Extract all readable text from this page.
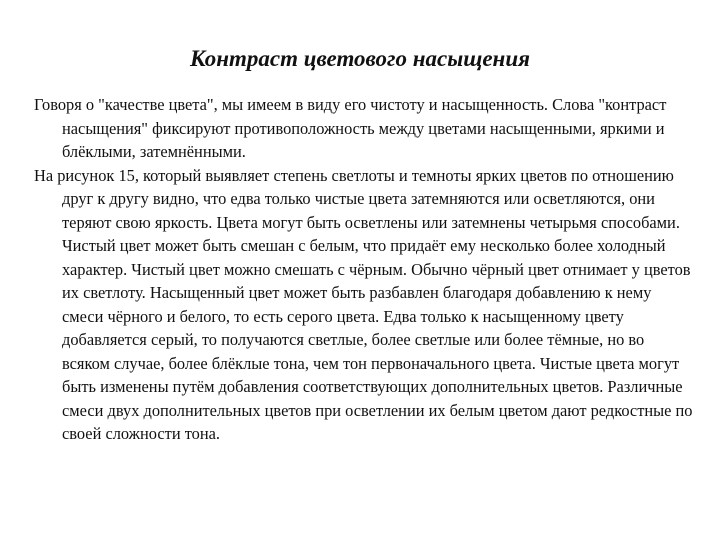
Контраст цветового насыщения

Говоря о "качестве цвета", мы имеем в виду его чистоту и насыщенность. Слова "контраст насыщения" фиксируют противоположность между цветами насыщенными, яркими и блёклыми, затемнёнными.

На рисунок 15, который выявляет степень светлоты и темноты ярких цветов по отношению друг к другу видно, что едва только чистые цвета затемняются или осветляются, они теряют свою яркость. Цвета могут быть осветлены или затемнены четырьмя способами. Чистый цвет может быть смешан с белым, что придаёт ему несколько более холодный характер. Чистый цвет можно смешать с чёрным. Обычно чёрный цвет отнимает у цветов их светлоту. Насыщенный цвет может быть разбавлен благодаря добавлению к нему смеси чёрного и белого, то есть серого цвета. Едва только к насыщенному цвету добавляется серый, то получаются светлые, более светлые или более тёмные, но во всяком случае, более блёклые тона, чем тон первоначального цвета. Чистые цвета могут быть изменены путём добавления соответствующих дополнительных цветов. Различные смеси двух дополнительных цветов при осветлении их белым цветом дают редкостные по своей сложности тона.
